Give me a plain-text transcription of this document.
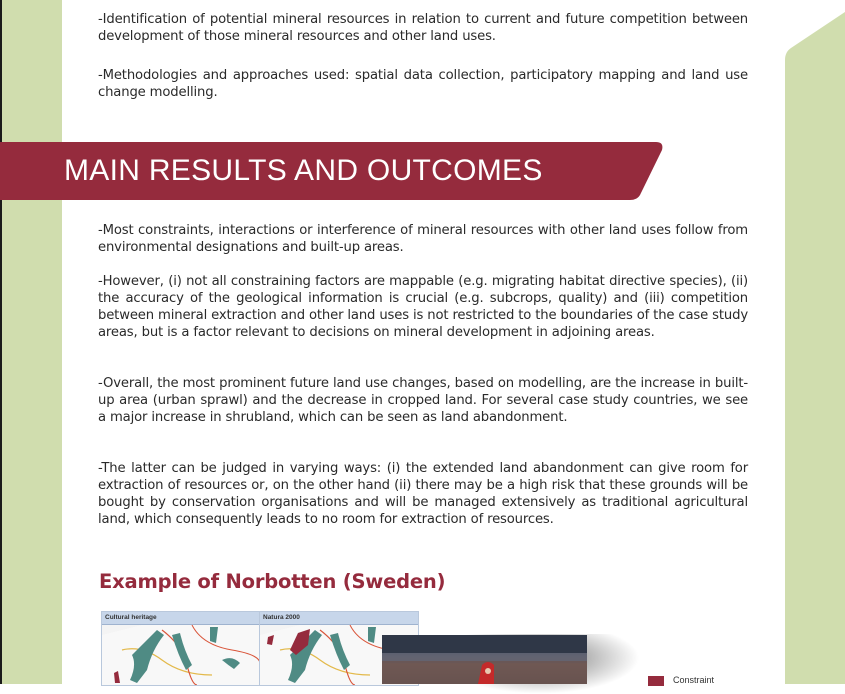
-Identification of potential mineral resources in relation to current and future competition between development of those mineral resources and other land uses.

-Methodologies and approaches used: spatial data collection, participatory mapping and land use change modelling.

MAIN RESULTS AND OUTCOMES

-Most constraints, interactions or interference of mineral resources with other land uses follow from environmental designations and built-up areas.

-However, (i) not all constraining factors are mappable (e.g. migrating habitat directive species), (ii) the accuracy of the geological information is crucial (e.g. subcrops, quality) and (iii) competition between mineral extraction and other land uses is not restricted to the boundaries of the case study areas, but is a factor relevant to decisions on mineral development in adjoining areas.

-Overall, the most prominent future land use changes, based on modelling, are the increase in built-up area (urban sprawl) and the decrease in cropped land. For several case study countries, we see a major increase in shrubland, which can be seen as land abandonment.

-The latter can be judged in varying ways: (i) the extended land abandonment can give room for extraction of resources or, on the other hand (ii) there may be a high risk that these grounds will be bought by conservation organisations and will be managed extensively as traditional agricultural land, which consequently leads to no room for extraction of resources.

Example of Norbotten (Sweden)
Cultural heritage	Natura 2000
Constraint
